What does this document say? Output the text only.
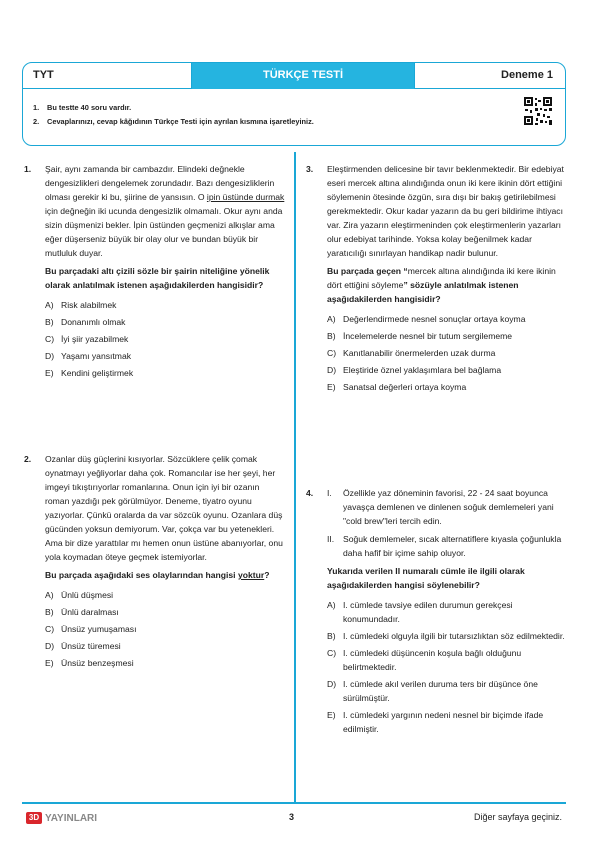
TYT	TÜRKÇE TESTİ	Deneme 1
1. Bu testte 40 soru vardır.
2. Cevaplarınızı, cevap kâğıdının Türkçe Testi için ayrılan kısmına işaretleyiniz.
1. Şair, aynı zamanda bir cambazdır. Elindeki değnekle dengesizlikleri dengelemek zorundadır. Bazı dengesizliklerin olması gerekir ki bu, şiirine de yansısın. O ipin üstünde durmak için değneğin iki ucunda dengesizlik olmamalı. Okur aynı anda sizin düşmenizi bekler. İpin üstünden geçmenizi alkışlar ama eğer düşerseniz büyük bir olay olur ve bundan büyük bir mutluluk duyar.

Bu parçadaki altı çizili sözle bir şairin niteliğine yönelik olarak anlatılmak istenen aşağıdakilerden hangisidir?

A) Risk alabilmek
B) Donanımlı olmak
C) İyi şiir yazabilmek
D) Yaşamı yansıtmak
E) Kendini geliştirmek
2. Ozanlar düş güçlerini kısıyorlar. Sözcüklere çelik çomak oynatmayı yeğliyorlar daha çok. Romancılar ise her şeyi, her imgeyi tıkıştırıyorlar romanlarına. Onun için iyi bir ozanın roman yazdığı pek görülmüyor. Deneme, tiyatro oyunu yazıyorlar. Çünkü oralarda da var sözcük oyunu. Ozanlara düş gücünden yoksun demiyorum. Var, çokça var bu yetenekleri. Ama bir dize yarattılar mı hemen onun üstüne abanıyorlar, onu yola koymadan öteye geçmek istemiyorlar.

Bu parçada aşağıdaki ses olaylarından hangisi yoktur?

A) Ünlü düşmesi
B) Ünlü daralması
C) Ünsüz yumuşaması
D) Ünsüz türemesi
E) Ünsüz benzeşmesi
3. Eleştirmenden delicesine bir tavır beklenmektedir. Bir edebiyat eseri mercek altına alındığında onun iki kere ikinin dört ettiğini söylemenin ötesinde özgün, sıra dışı bir bakış getirilebilmesi gerekmektedir. Okur kadar yazarın da bu geri bildirime ihtiyacı var. Zira yazarın eleştirmeninden çok eleştirmenlerin yazarları olur edebiyat tarihinde. Yoksa kolay beğenilmek kadar yaratıcılığı sınırlayan handikap nadir bulunur.

Bu parçada geçen “mercek altına alındığında iki kere ikinin dört ettiğini söyleme” sözüyle anlatılmak istenen aşağıdakilerden hangisidir?

A) Değerlendirmede nesnel sonuçlar ortaya koyma
B) İncelemelerde nesnel bir tutum sergilememe
C) Kanıtlanabilir önermelerden uzak durma
D) Eleştiride öznel yaklaşımlara bel bağlama
E) Sanatsal değerleri ortaya koyma
4. I.	Özellikle yaz döneminin favorisi, 22 - 24 saat boyunca yavaşça demlenen ve dinlenen soğuk demlemeleri yani "cold brew"leri tercih edin.
II.	Soğuk demlemeler, sıcak alternatiflere kıyasla çoğunlukla daha hafif bir içime sahip oluyor.

Yukarıda verilen II numaralı cümle ile ilgili olarak aşağıdakilerden hangisi söylenebilir?

A) I. cümlede tavsiye edilen durumun gerekçesi konumundadır.
B) I. cümledeki olguyla ilgili bir tutarsızlıktan söz edilmektedir.
C) I. cümledeki düşüncenin koşula bağlı olduğunu belirtmektedir.
D) I. cümlede akıl verilen duruma ters bir düşünce öne sürülmüştür.
E) I. cümledeki yargının nedeni nesnel bir biçimde ifade edilmiştir.
3D YAYINLARI	3	Diğer sayfaya geçiniz.
